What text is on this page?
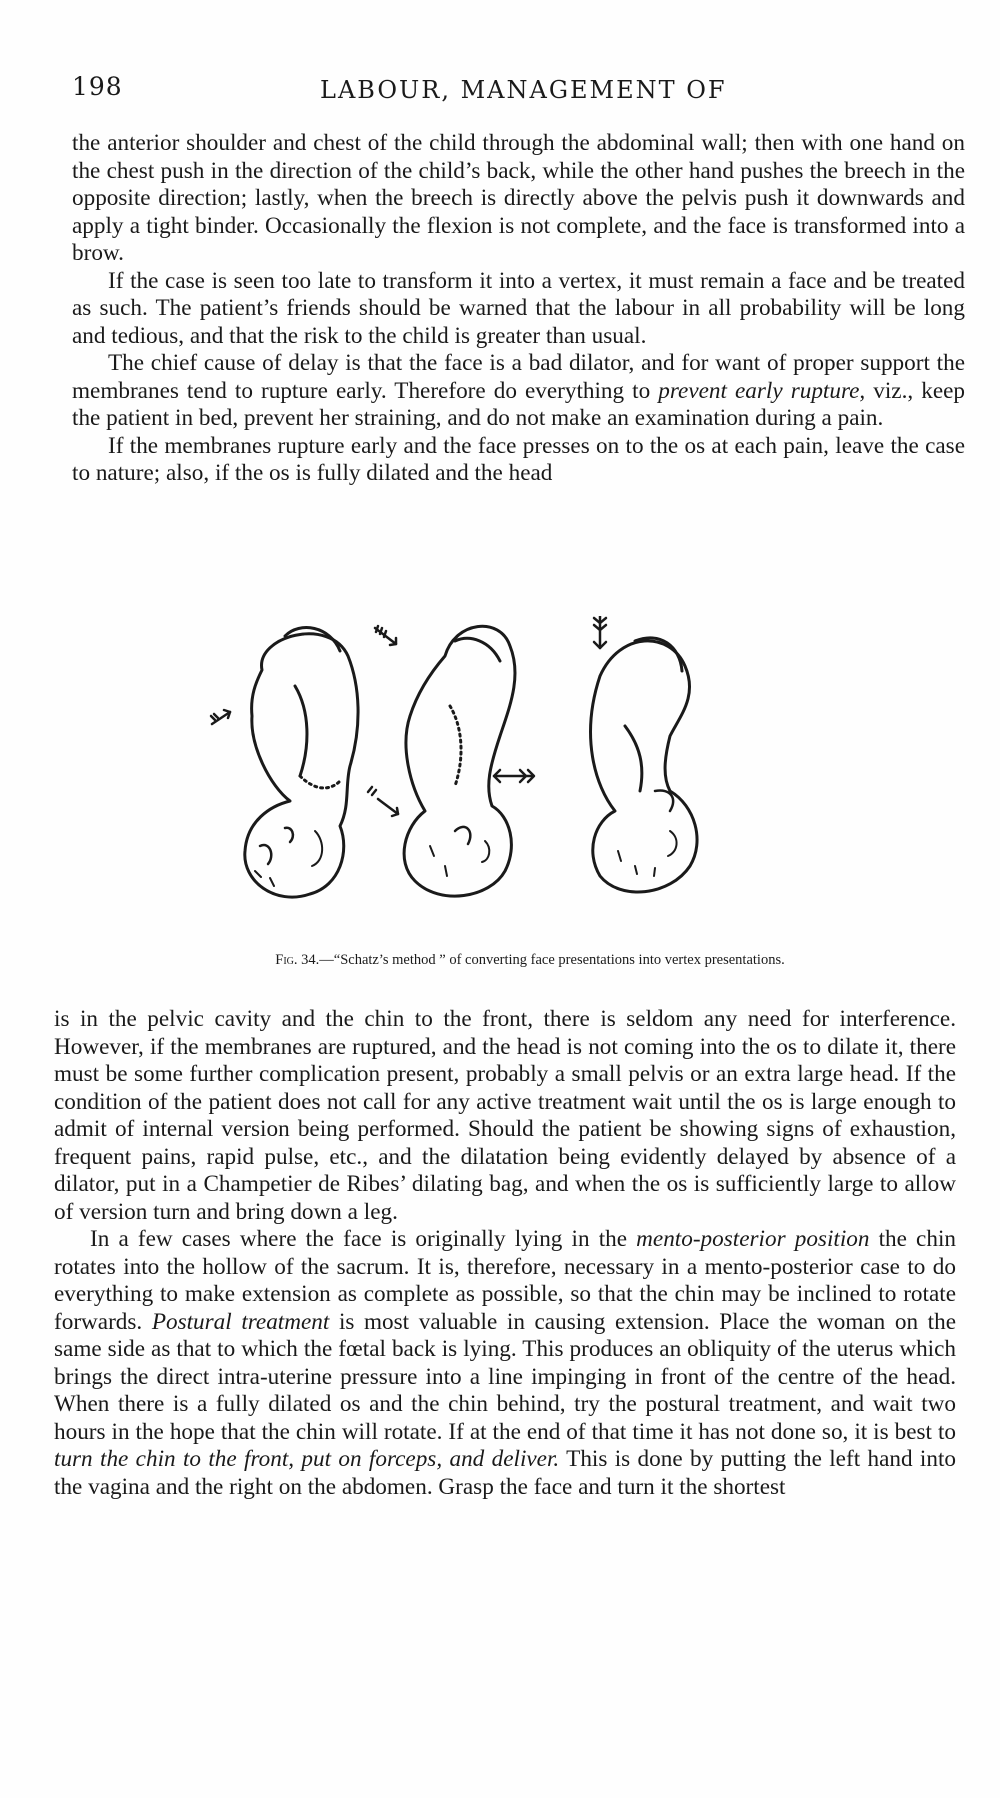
198	LABOUR, MANAGEMENT OF

the anterior shoulder and chest of the child through the abdominal wall; then with one hand on the chest push in the direction of the child’s back, while the other hand pushes the breech in the opposite direction; lastly, when the breech is directly above the pelvis push it downwards and apply a tight binder. Occasionally the flexion is not complete, and the face is transformed into a brow.

If the case is seen too late to transform it into a vertex, it must remain a face and be treated as such. The patient’s friends should be warned that the labour in all probability will be long and tedious, and that the risk to the child is greater than usual.

The chief cause of delay is that the face is a bad dilator, and for want of proper support the membranes tend to rupture early. Therefore do everything to prevent early rupture, viz., keep the patient in bed, prevent her straining, and do not make an examination during a pain.

If the membranes rupture early and the face presses on to the os at each pain, leave the case to nature; also, if the os is fully dilated and the head

Fig. 34.—“Schatz’s method ” of converting face presentations into vertex presentations.

is in the pelvic cavity and the chin to the front, there is seldom any need for interference. However, if the membranes are ruptured, and the head is not coming into the os to dilate it, there must be some further complication present, probably a small pelvis or an extra large head. If the condition of the patient does not call for any active treatment wait until the os is large enough to admit of internal version being performed. Should the patient be showing signs of exhaustion, frequent pains, rapid pulse, etc., and the dilatation being evidently delayed by absence of a dilator, put in a Champetier de Ribes’ dilating bag, and when the os is sufficiently large to allow of version turn and bring down a leg.

In a few cases where the face is originally lying in the mento-posterior position the chin rotates into the hollow of the sacrum. It is, therefore, necessary in a mento-posterior case to do everything to make extension as complete as possible, so that the chin may be inclined to rotate forwards. Postural treatment is most valuable in causing extension. Place the woman on the same side as that to which the fœtal back is lying. This produces an obliquity of the uterus which brings the direct intra-uterine pressure into a line impinging in front of the centre of the head. When there is a fully dilated os and the chin behind, try the postural treatment, and wait two hours in the hope that the chin will rotate. If at the end of that time it has not done so, it is best to turn the chin to the front, put on forceps, and deliver. This is done by putting the left hand into the vagina and the right on the abdomen. Grasp the face and turn it the shortest
